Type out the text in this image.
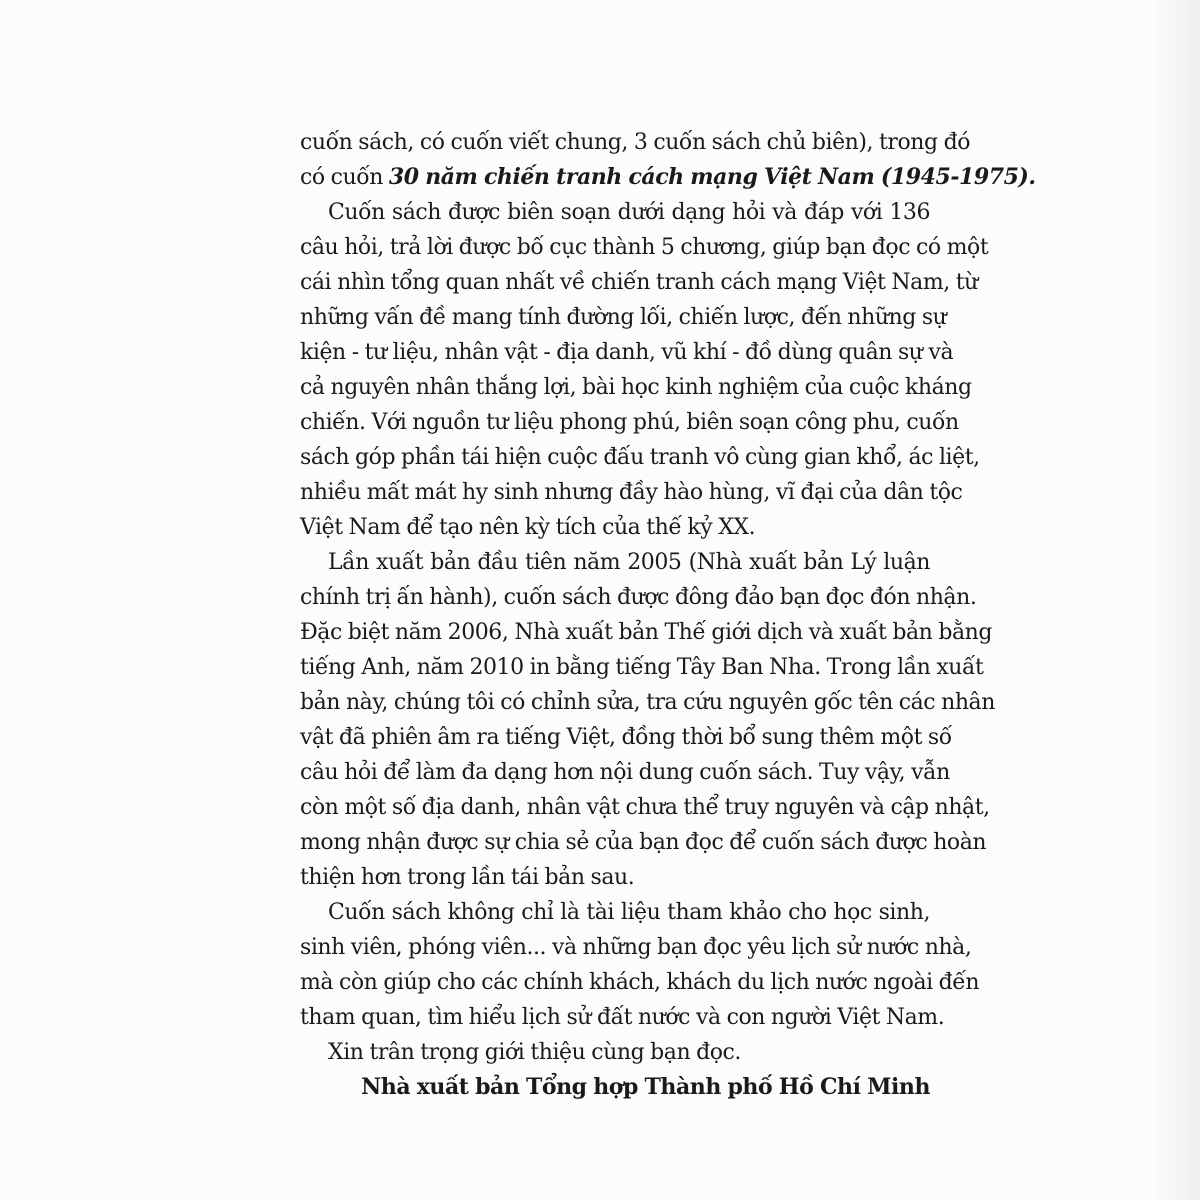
cuốn sách, có cuốn viết chung, 3 cuốn sách chủ biên), trong đó
có cuốn 30 năm chiến tranh cách mạng Việt Nam (1945-1975).

Cuốn sách được biên soạn dưới dạng hỏi và đáp với 136
câu hỏi, trả lời được bố cục thành 5 chương, giúp bạn đọc có một
cái nhìn tổng quan nhất về chiến tranh cách mạng Việt Nam, từ
những vấn đề mang tính đường lối, chiến lược, đến những sự
kiện - tư liệu, nhân vật - địa danh, vũ khí - đồ dùng quân sự và
cả nguyên nhân thắng lợi, bài học kinh nghiệm của cuộc kháng
chiến. Với nguồn tư liệu phong phú, biên soạn công phu, cuốn
sách góp phần tái hiện cuộc đấu tranh vô cùng gian khổ, ác liệt,
nhiều mất mát hy sinh nhưng đầy hào hùng, vĩ đại của dân tộc
Việt Nam để tạo nên kỳ tích của thế kỷ XX.

Lần xuất bản đầu tiên năm 2005 (Nhà xuất bản Lý luận
chính trị ấn hành), cuốn sách được đông đảo bạn đọc đón nhận.
Đặc biệt năm 2006, Nhà xuất bản Thế giới dịch và xuất bản bằng
tiếng Anh, năm 2010 in bằng tiếng Tây Ban Nha. Trong lần xuất
bản này, chúng tôi có chỉnh sửa, tra cứu nguyên gốc tên các nhân
vật đã phiên âm ra tiếng Việt, đồng thời bổ sung thêm một số
câu hỏi để làm đa dạng hơn nội dung cuốn sách. Tuy vậy, vẫn
còn một số địa danh, nhân vật chưa thể truy nguyên và cập nhật,
mong nhận được sự chia sẻ của bạn đọc để cuốn sách được hoàn
thiện hơn trong lần tái bản sau.

Cuốn sách không chỉ là tài liệu tham khảo cho học sinh,
sinh viên, phóng viên... và những bạn đọc yêu lịch sử nước nhà,
mà còn giúp cho các chính khách, khách du lịch nước ngoài đến
tham quan, tìm hiểu lịch sử đất nước và con người Việt Nam.

Xin trân trọng giới thiệu cùng bạn đọc.

Nhà xuất bản Tổng hợp Thành phố Hồ Chí Minh
